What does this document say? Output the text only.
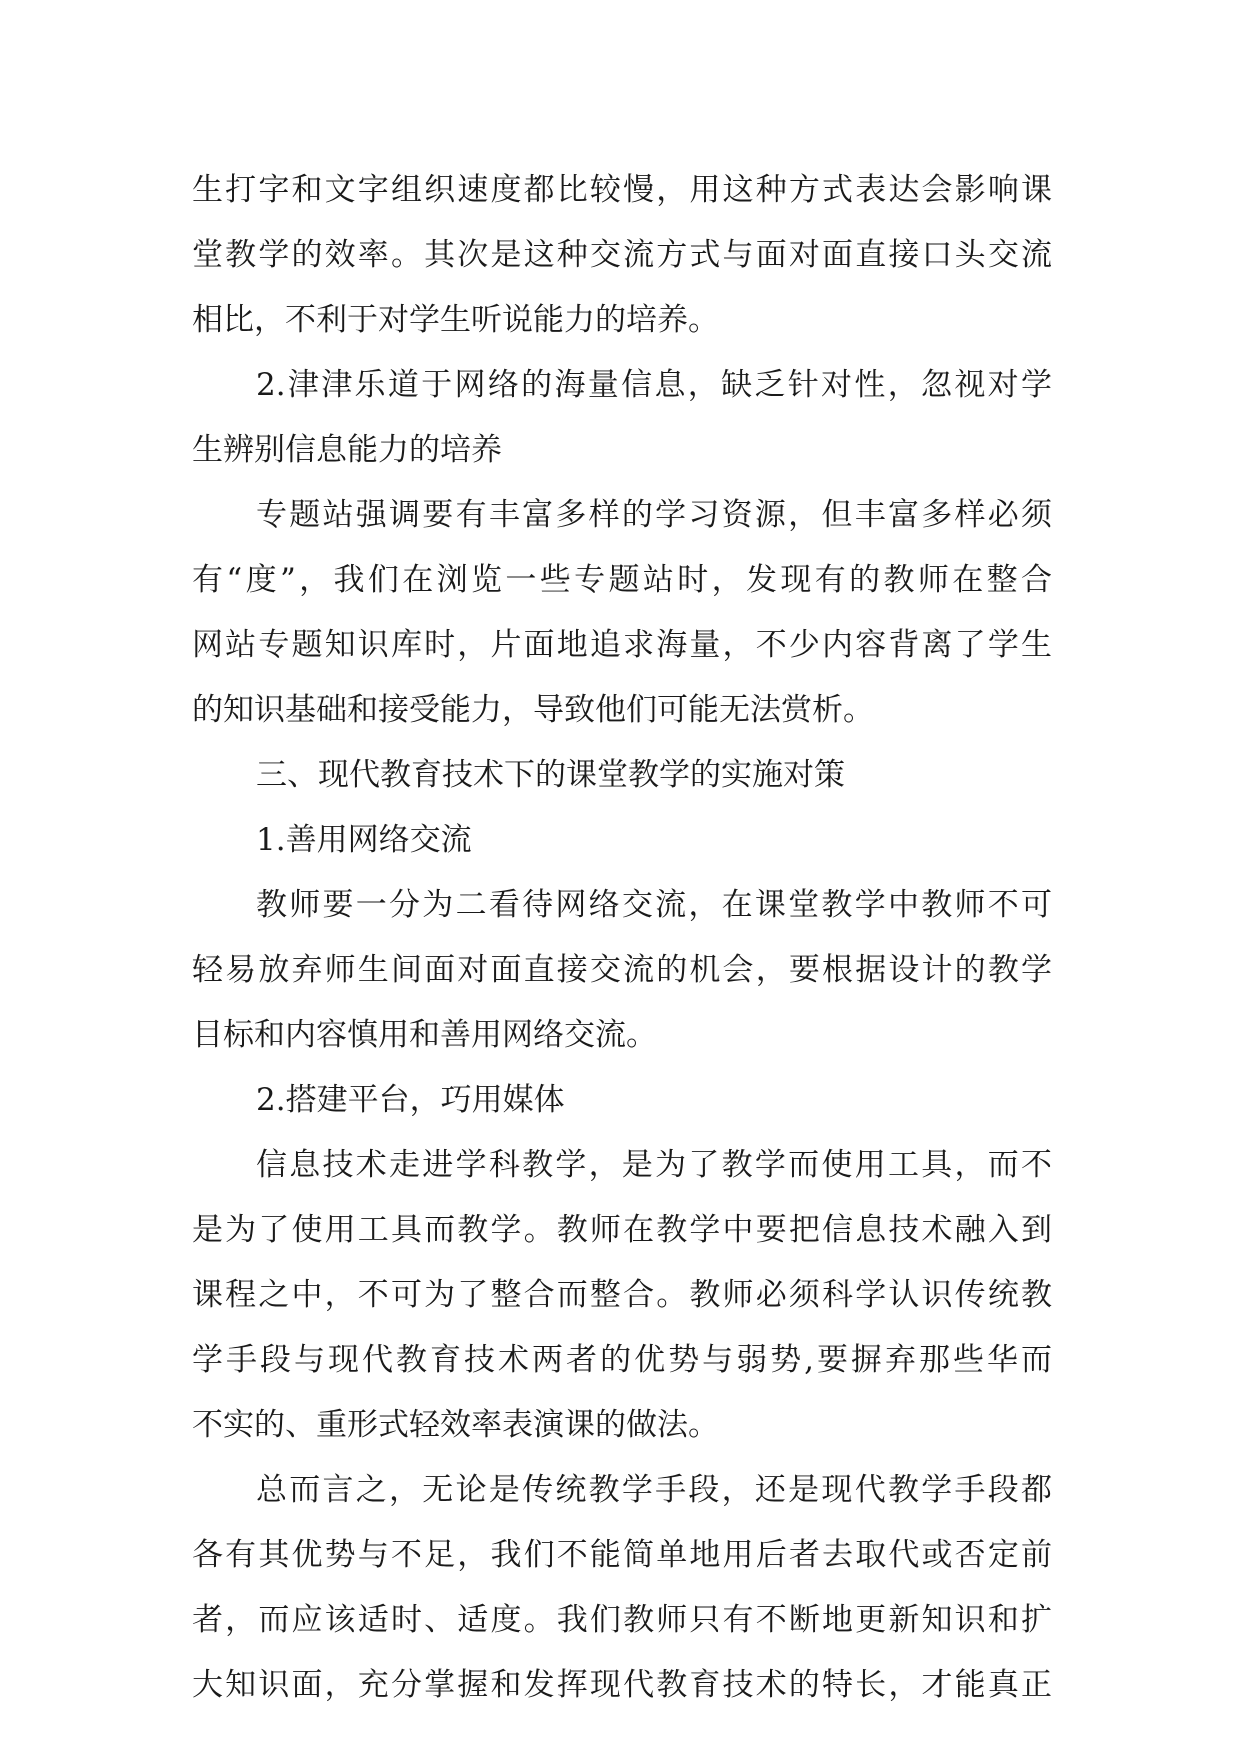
生打字和文字组织速度都比较慢，用这种方式表达会影响课
堂教学的效率。其次是这种交流方式与面对面直接口头交流
相比，不利于对学生听说能力的培养。
2.津津乐道于网络的海量信息，缺乏针对性，忽视对学
生辨别信息能力的培养
专题站强调要有丰富多样的学习资源，但丰富多样必须
有“度”，我们在浏览一些专题站时，发现有的教师在整合
网站专题知识库时，片面地追求海量，不少内容背离了学生
的知识基础和接受能力，导致他们可能无法赏析。
三、现代教育技术下的课堂教学的实施对策
1.善用网络交流
教师要一分为二看待网络交流，在课堂教学中教师不可
轻易放弃师生间面对面直接交流的机会，要根据设计的教学
目标和内容慎用和善用网络交流。
2.搭建平台，巧用媒体
信息技术走进学科教学，是为了教学而使用工具，而不
是为了使用工具而教学。教师在教学中要把信息技术融入到
课程之中，不可为了整合而整合。教师必须科学认识传统教
学手段与现代教育技术两者的优势与弱势,要摒弃那些华而
不实的、重形式轻效率表演课的做法。
总而言之，无论是传统教学手段，还是现代教学手段都
各有其优势与不足，我们不能简单地用后者去取代或否定前
者，而应该适时、适度。我们教师只有不断地更新知识和扩
大知识面，充分掌握和发挥现代教育技术的特长，才能真正
